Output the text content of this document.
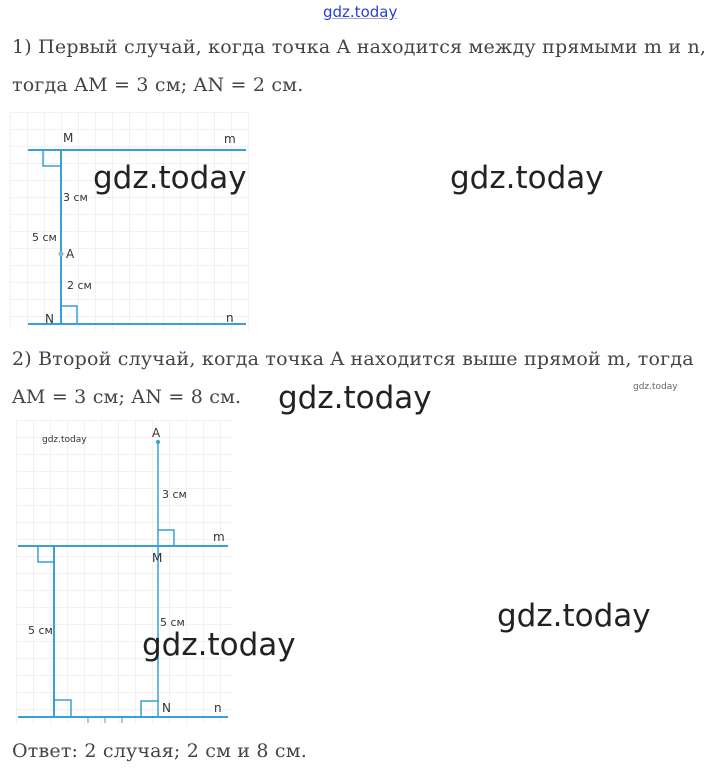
gdz.today
1) Первый случай, когда точка A находится между прямыми m и n,
тогда AM = 3 см; AN = 2 см.
M	m
A
3 см
2 см
5 см
N	n
gdz.today	gdz.today
2) Второй случай, когда точка A находится выше прямой m, тогда
AM = 3 см; AN = 8 см. gdz.today	gdz.today
gdz.today	A
3 см
M
m
5 см
5 см
N	n
gdz.today
gdz.today
Ответ: 2 случая; 2 см и 8 см.
